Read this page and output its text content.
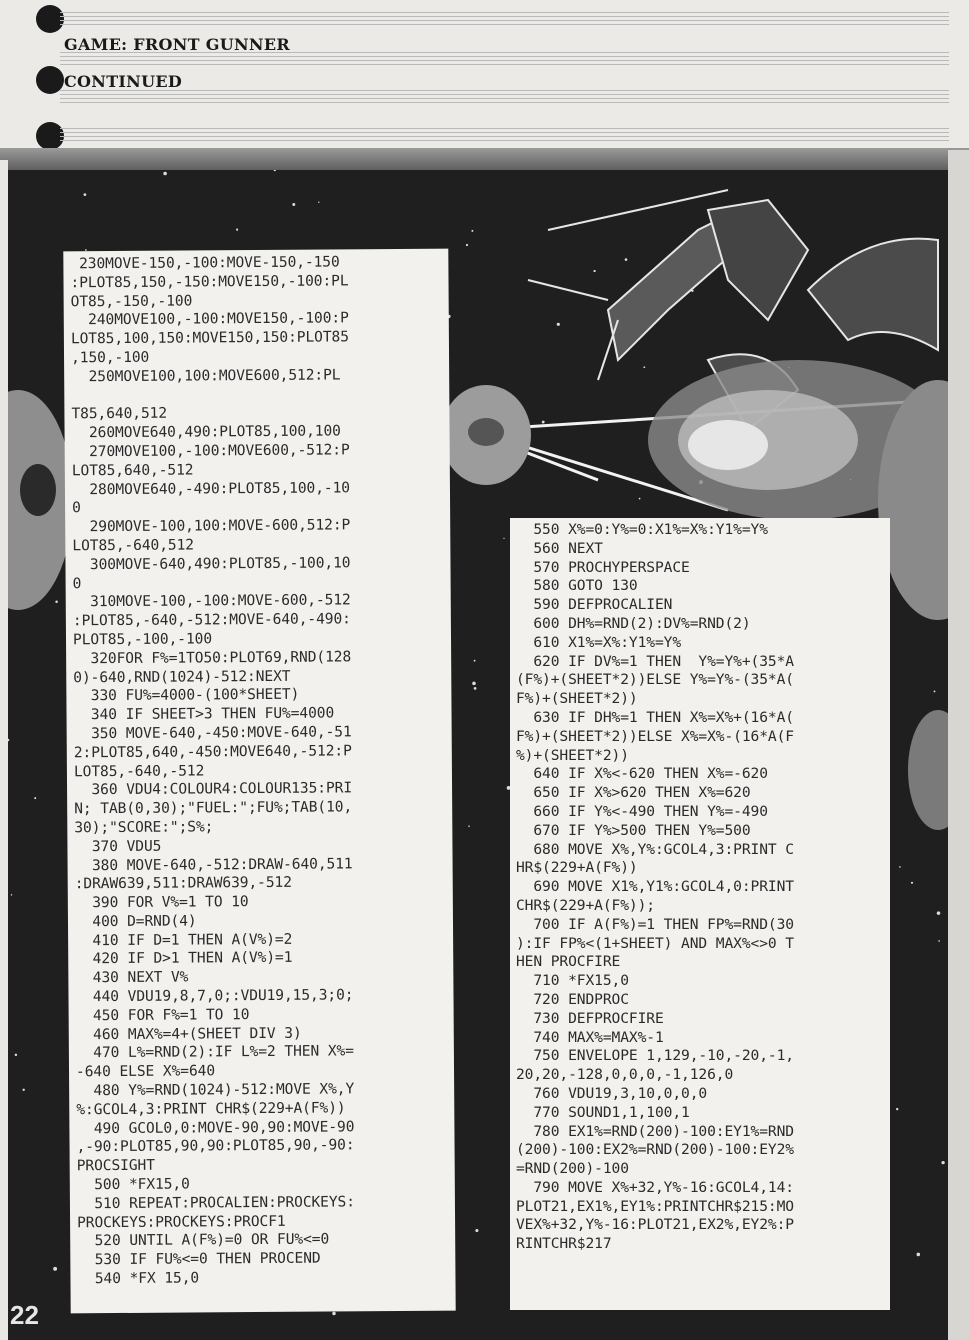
GAME: FRONT GUNNER
CONTINUED
230MOVE-150,-100:MOVE-150,-150
:PLOT85,150,-150:MOVE150,-100:PL
OT85,-150,-100
240MOVE100,-100:MOVE150,-100:P
LOT85,100,150:MOVE150,150:PLOT85
,150,-100
250MOVE100,100:MOVE600,512:PL

T85,640,512
260MOVE640,490:PLOT85,100,100
270MOVE100,-100:MOVE600,-512:P
LOT85,640,-512
280MOVE640,-490:PLOT85,100,-10
0
290MOVE-100,100:MOVE-600,512:P
LOT85,-640,512
300MOVE-640,490:PLOT85,-100,10
0
310MOVE-100,-100:MOVE-600,-512
:PLOT85,-640,-512:MOVE-640,-490:
PLOT85,-100,-100
320FOR F%=1TO50:PLOT69,RND(128
0)-640,RND(1024)-512:NEXT
330 FU%=4000-(100*SHEET)
340 IF SHEET>3 THEN FU%=4000
350 MOVE-640,-450:MOVE-640,-51
2:PLOT85,640,-450:MOVE640,-512:P
LOT85,-640,-512
360 VDU4:COLOUR4:COLOUR135:PRI
N; TAB(0,30);"FUEL:";FU%;TAB(10,
30);"SCORE:";S%;
370 VDU5
380 MOVE-640,-512:DRAW-640,511
:DRAW639,511:DRAW639,-512
390 FOR V%=1 TO 10
400 D=RND(4)
410 IF D=1 THEN A(V%)=2
420 IF D>1 THEN A(V%)=1
430 NEXT V%
440 VDU19,8,7,0;:VDU19,15,3;0;
450 FOR F%=1 TO 10
460 MAX%=4+(SHEET DIV 3)
470 L%=RND(2):IF L%=2 THEN X%=
-640 ELSE X%=640
480 Y%=RND(1024)-512:MOVE X%,Y
%:GCOL4,3:PRINT CHR$(229+A(F%))
490 GCOL0,0:MOVE-90,90:MOVE-90
,-90:PLOT85,90,90:PLOT85,90,-90:
PROCSIGHT
500 *FX15,0
510 REPEAT:PROCALIEN:PROCKEYS:
PROCKEYS:PROCKEYS:PROCF1
520 UNTIL A(F%)=0 OR FU%<=0
530 IF FU%<=0 THEN PROCEND
540 *FX 15,0

550 X%=0:Y%=0:X1%=X%:Y1%=Y%
560 NEXT
570 PROCHYPERSPACE
580 GOTO 130
590 DEFPROCALIEN
600 DH%=RND(2):DV%=RND(2)
610 X1%=X%:Y1%=Y%
620 IF DV%=1 THEN  Y%=Y%+(35*A
(F%)+(SHEET*2))ELSE Y%=Y%-(35*A(
F%)+(SHEET*2))
630 IF DH%=1 THEN X%=X%+(16*A(
F%)+(SHEET*2))ELSE X%=X%-(16*A(F
%)+(SHEET*2))
640 IF X%<-620 THEN X%=-620
650 IF X%>620 THEN X%=620
660 IF Y%<-490 THEN Y%=-490
670 IF Y%>500 THEN Y%=500
680 MOVE X%,Y%:GCOL4,3:PRINT C
HR$(229+A(F%))
690 MOVE X1%,Y1%:GCOL4,0:PRINT
CHR$(229+A(F%));
700 IF A(F%)=1 THEN FP%=RND(30
):IF FP%<(1+SHEET) AND MAX%<>0 T
HEN PROCFIRE
710 *FX15,0
720 ENDPROC
730 DEFPROCFIRE
740 MAX%=MAX%-1
750 ENVELOPE 1,129,-10,-20,-1,
20,20,-128,0,0,0,-1,126,0
760 VDU19,3,10,0,0,0
770 SOUND1,1,100,1
780 EX1%=RND(200)-100:EY1%=RND
(200)-100:EX2%=RND(200)-100:EY2%
=RND(200)-100
790 MOVE X%+32,Y%-16:GCOL4,14:
PLOT21,EX1%,EY1%:PRINTCHR$215:MO
VEX%+32,Y%-16:PLOT21,EX2%,EY2%:P
RINTCHR$217

22
